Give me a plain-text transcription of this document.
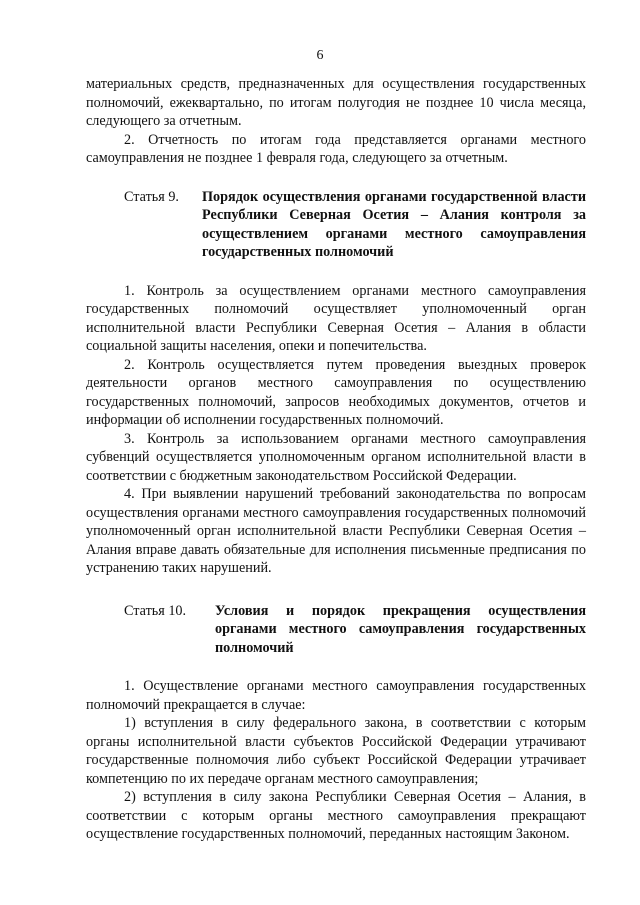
6

материальных средств, предназначенных для осуществления государственных полномочий, ежеквартально, по итогам полугодия не позднее 10 числа месяца, следующего за отчетным.

2. Отчетность по итогам года представляется органами местного самоуправления не позднее 1 февраля года, следующего за отчетным.

Статья 9.	Порядок осуществления органами государственной власти Республики Северная Осетия – Алания контроля за осуществлением органами местного самоуправления государственных полномочий

1. Контроль за осуществлением органами местного самоуправления государственных полномочий осуществляет уполномоченный орган исполнительной власти Республики Северная Осетия – Алания в области социальной защиты населения, опеки и попечительства.

2. Контроль осуществляется путем проведения выездных проверок деятельности органов местного самоуправления по осуществлению государственных полномочий, запросов необходимых документов, отчетов и информации об исполнении государственных полномочий.

3. Контроль за использованием органами местного самоуправления субвенций осуществляется уполномоченным органом исполнительной власти в соответствии с бюджетным законодательством Российской Федерации.

4. При выявлении нарушений требований законодательства по вопросам осуществления органами местного самоуправления государственных полномочий уполномоченный орган исполнительной власти Республики Северная Осетия – Алания вправе давать обязательные для исполнения письменные предписания по устранению таких нарушений.

Статья 10.	Условия и порядок прекращения осуществления органами местного самоуправления государственных полномочий

1. Осуществление органами местного самоуправления государственных полномочий прекращается в случае:

1) вступления в силу федерального закона, в соответствии с которым органы исполнительной власти субъектов Российской Федерации утрачивают государственные полномочия либо субъект Российской Федерации утрачивает компетенцию по их передаче органам местного самоуправления;

2) вступления в силу закона Республики Северная Осетия – Алания, в соответствии с которым органы местного самоуправления прекращают осуществление государственных полномочий, переданных настоящим Законом.
